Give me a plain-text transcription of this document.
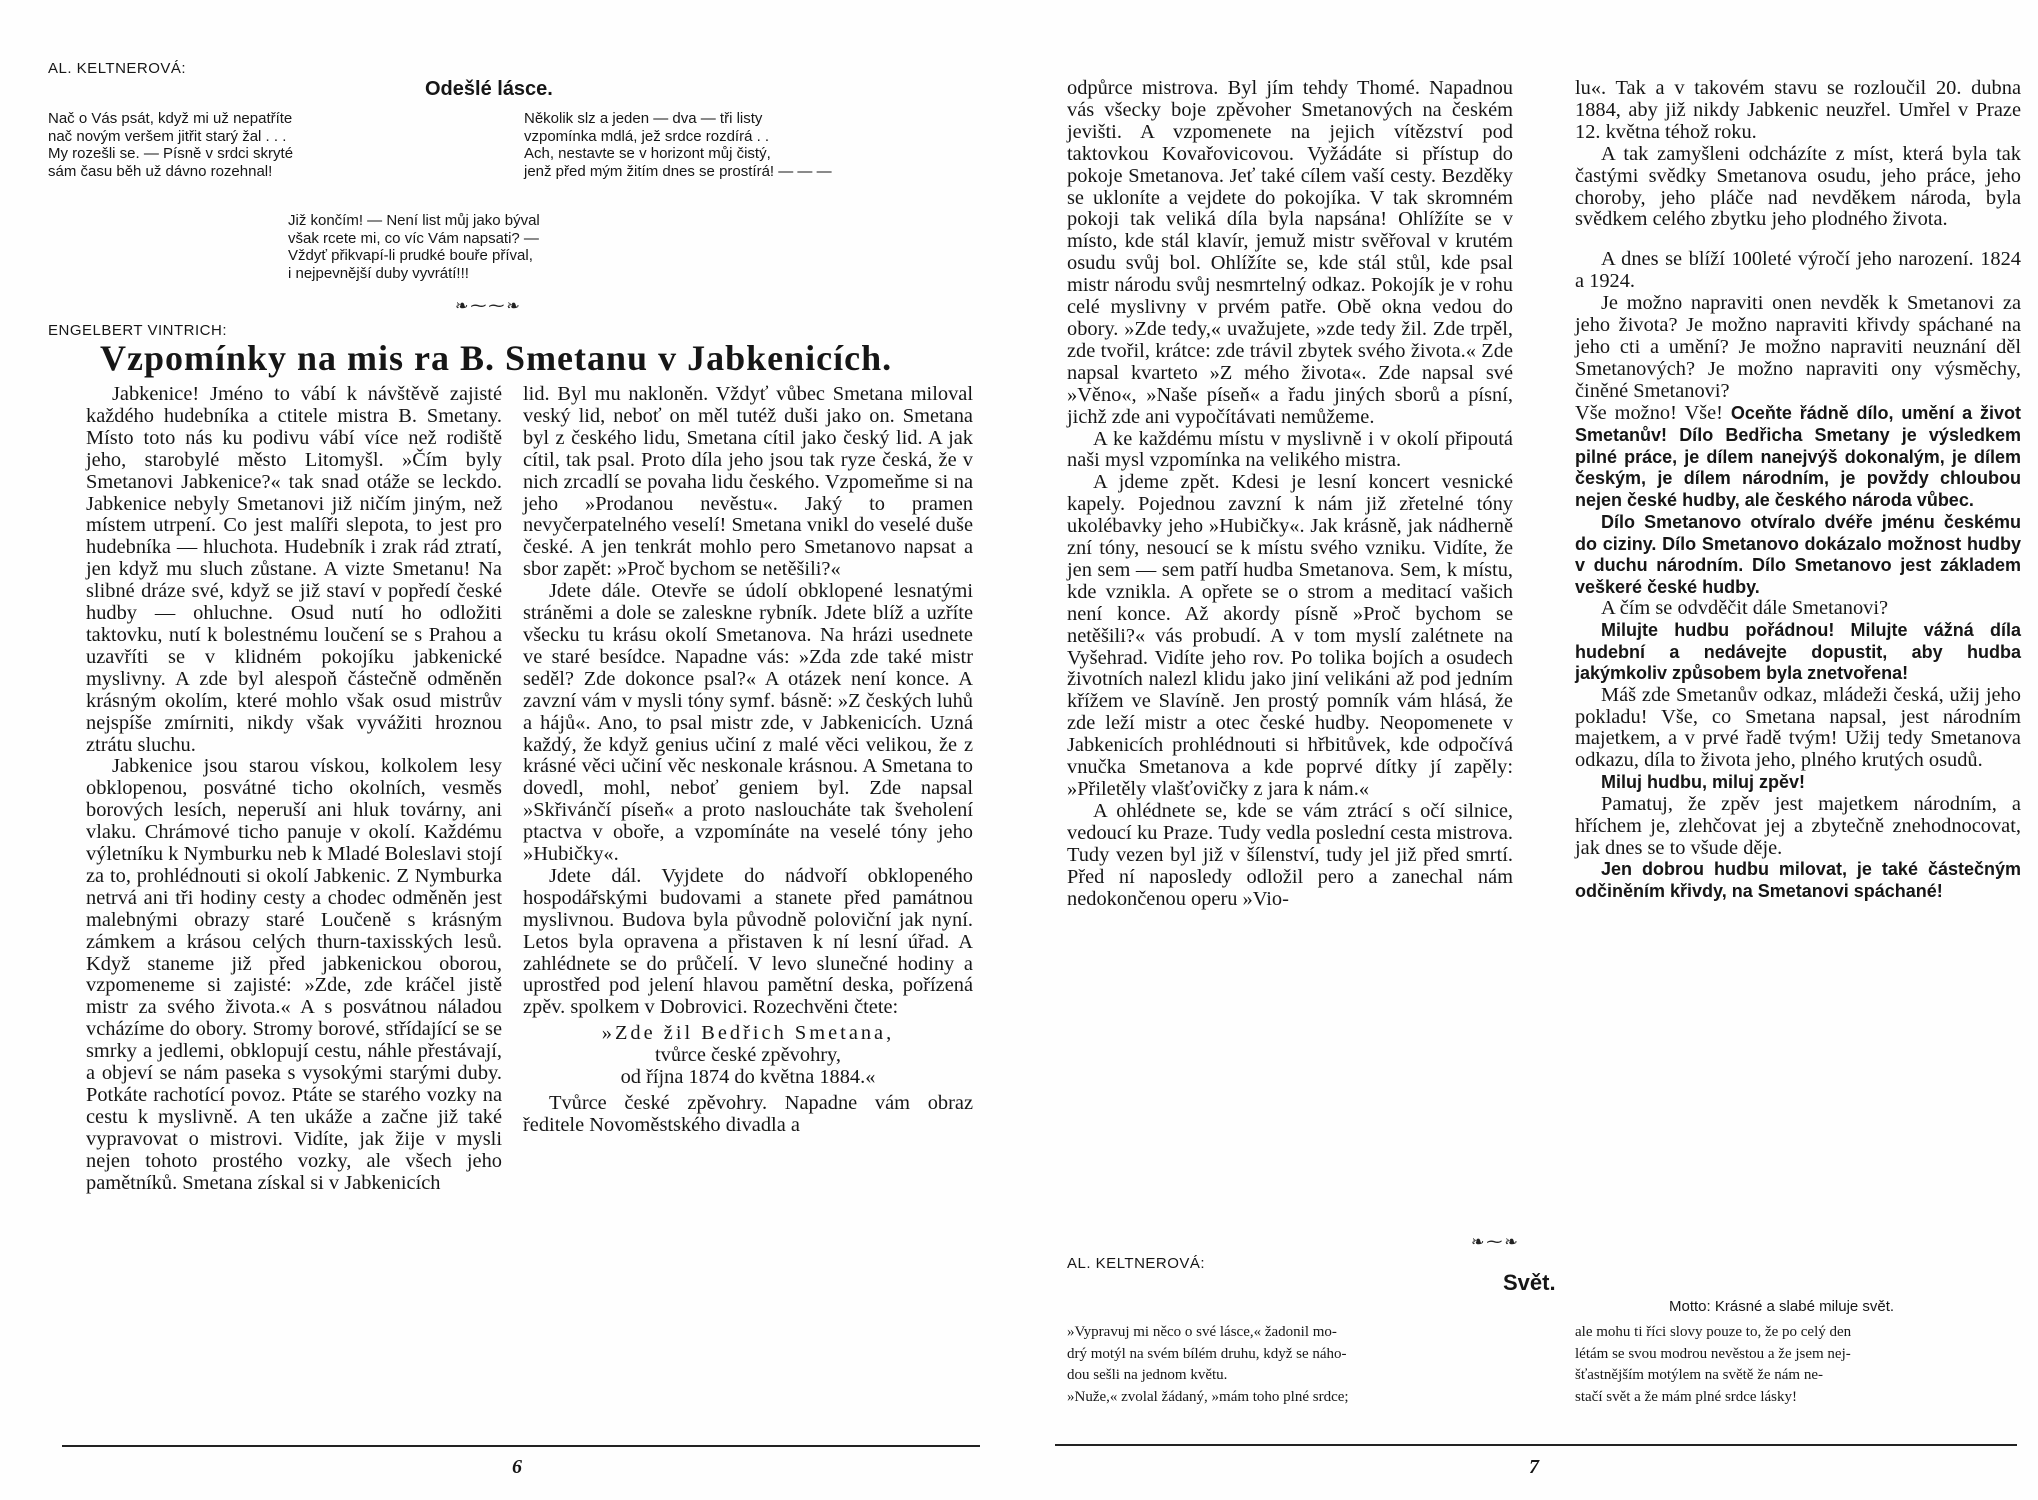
AL. KELTNEROVÁ:
Odešlé lásce.
Nač o Vás psát, když mi už nepatříte
nač novým veršem jitřit starý žal . . .
My rozešli se. — Písně v srdci skryté
sám času běh už dávno rozehnal!
Několik slz a jeden — dva — tři listy
vzpomínka mdlá, jež srdce rozdírá . .
Ach, nestavte se v horizont můj čistý,
jenž před mým žitím dnes se prostírá! — — —
Již končím! — Není list můj jako býval
však rcete mi, co víc Vám napsati? —
Vždyť přikvapí-li prudké bouře příval,
i nejpevnější duby vyvrátí!!!
❧⁓⁓❧
ENGELBERT VINTRICH:
Vzpomínky na mis ra B. Smetanu v Jabkenicích.

Jabkenice! Jméno to vábí k návštěvě zajisté každého hudebníka a ctitele mistra B. Smetany. Místo toto nás ku podivu vábí více než rodiště jeho, starobylé město Litomyšl. »Čím byly Smetanovi Jabkenice?« tak snad otáže se leckdo. Jabkenice nebyly Smetanovi již ničím jiným, než místem utrpení. Co jest malíři slepota, to jest pro hudebníka — hluchota. Hudebník i zrak rád ztratí, jen když mu sluch zůstane. A vizte Smetanu! Na slibné dráze své, když se již staví v popředí české hudby — ohluchne. Osud nutí ho odložiti taktovku, nutí k bolestnému loučení se s Prahou a uzavříti se v klidném pokojíku jabkenické myslivny. A zde byl alespoň částečně odměněn krásným okolím, které mohlo však osud mistrův nejspíše zmírniti, nikdy však vyvážiti hroznou ztrátu sluchu.

Jabkenice jsou starou vískou, kolkolem lesy obklopenou, posvátné ticho okolních, vesměs borových lesích, neperuší ani hluk továrny, ani vlaku. Chrámové ticho panuje v okolí. Každému výletníku k Nymburku neb k Mladé Boleslavi stojí za to, prohlédnouti si okolí Jabkenic. Z Nymburka netrvá ani tři hodiny cesty a chodec odměněn jest malebnými obrazy staré Loučeně s krásným zámkem a krásou celých thurn-taxisských lesů. Když staneme již před jabkenickou oborou, vzpomeneme si zajisté: »Zde, zde kráčel jistě mistr za svého života.« A s posvátnou náladou vcházíme do obory. Stromy borové, střídající se se smrky a jedlemi, obklopují cestu, náhle přestávají, a objeví se nám paseka s vysokými starými duby. Potkáte rachotící povoz. Ptáte se starého vozky na cestu k myslivně. A ten ukáže a začne již také vypravovat o mistrovi. Vidíte, jak žije v mysli nejen tohoto prostého vozky, ale všech jeho pamětníků. Smetana získal si v Jabkenicích

lid. Byl mu nakloněn. Vždyť vůbec Smetana miloval veský lid, neboť on měl tutéž duši jako on. Smetana byl z českého lidu, Smetana cítil jako český lid. A jak cítil, tak psal. Proto díla jeho jsou tak ryze česká, že v nich zrcadlí se povaha lidu českého. Vzpomeňme si na jeho »Prodanou nevěstu«. Jaký to pramen nevyčerpatelného veselí! Smetana vnikl do veselé duše české. A jen tenkrát mohlo pero Smetanovo napsat a sbor zapět: »Proč bychom se netěšili?«

Jdete dále. Otevře se údolí obklopené lesnatými stráněmi a dole se zaleskne rybník. Jdete blíž a uzříte všecku tu krásu okolí Smetanova. Na hrázi usednete ve staré besídce. Napadne vás: »Zda zde také mistr seděl? Zde dokonce psal?« A otázek není konce. A zavzní vám v mysli tóny symf. básně: »Z českých luhů a hájů«. Ano, to psal mistr zde, v Jabkenicích. Uzná každý, že když genius učiní z malé věci velikou, že z krásné věci učiní věc neskonale krásnou. A Smetana to dovedl, mohl, neboť geniem byl. Zde napsal »Skřivánčí píseň« a proto nasloucháte tak šveholení ptactva v oboře, a vzpomínáte na veselé tóny jeho »Hubičky«.

Jdete dál. Vyjdete do nádvoří obklopeného hospodářskými budovami a stanete před památnou myslivnou. Budova byla původně poloviční jak nyní. Letos byla opravena a přistaven k ní lesní úřad. A zahlédnete se do průčelí. V levo slunečné hodiny a uprostřed pod jelení hlavou pamětní deska, pořízená zpěv. spolkem v Dobrovici. Rozechvěni čtete:

»Zde žil Bedřich Smetana,
tvůrce české zpěvohry,
od října 1874 do května 1884.«

Tvůrce české zpěvohry. Napadne vám obraz ředitele Novoměstského divadla a

6

odpůrce mistrova. Byl jím tehdy Thomé. Napadnou vás všecky boje zpěvoher Smetanových na českém jevišti. A vzpomenete na jejich vítězství pod taktovkou Kovařovicovou. Vyžádáte si přístup do pokoje Smetanova. Jeť také cílem vaší cesty. Bezděky se ukloníte a vejdete do pokojíka. V tak skromném pokoji tak veliká díla byla napsána! Ohlížíte se v místo, kde stál klavír, jemuž mistr svěřoval v krutém osudu svůj bol. Ohlížíte se, kde stál stůl, kde psal mistr národu svůj nesmrtelný odkaz. Pokojík je v rohu celé myslivny v prvém patře. Obě okna vedou do obory. »Zde tedy,« uvažujete, »zde tedy žil. Zde trpěl, zde tvořil, krátce: zde trávil zbytek svého života.« Zde napsal kvarteto »Z mého života«. Zde napsal své »Věno«, »Naše píseň« a řadu jiných sborů a písní, jichž zde ani vypočítávati nemůžeme.

A ke každému místu v myslivně i v okolí připoutá naši mysl vzpomínka na velikého mistra.

A jdeme zpět. Kdesi je lesní koncert vesnické kapely. Pojednou zavzní k nám již zřetelné tóny ukolébavky jeho »Hubičky«. Jak krásně, jak nádherně zní tóny, nesoucí se k místu svého vzniku. Vidíte, že jen sem — sem patří hudba Smetanova. Sem, k místu, kde vznikla. A opřete se o strom a meditací vašich není konce. Až akordy písně »Proč bychom se netěšili?« vás probudí. A v tom myslí zalétnete na Vyšehrad. Vidíte jeho rov. Po tolika bojích a osudech životních nalezl klidu jako jiní velikáni až pod jedním křížem ve Slavíně. Jen prostý pomník vám hlásá, že zde leží mistr a otec české hudby. Neopomenete v Jabkenicích prohlédnouti si hřbitůvek, kde odpočívá vnučka Smetanova a kde poprvé dítky jí zapěly: »Přiletěly vlašťovičky z jara k nám.«

A ohlédnete se, kde se vám ztrácí s očí silnice, vedoucí ku Praze. Tudy vedla poslední cesta mistrova. Tudy vezen byl již v šílenství, tudy jel již před smrtí. Před ní naposledy odložil pero a zanechal nám nedokončenou operu »Vio-

lu«. Tak a v takovém stavu se rozloučil 20. dubna 1884, aby již nikdy Jabkenic neuzřel. Umřel v Praze 12. května téhož roku.

A tak zamyšleni odcházíte z míst, která byla tak častými svědky Smetanova osudu, jeho práce, jeho choroby, jeho pláče nad nevděkem národa, byla svědkem celého zbytku jeho plodného života.

A dnes se blíží 100leté výročí jeho narození. 1824 a 1924.

Je možno napraviti onen nevděk k Smetanovi za jeho života? Je možno napraviti křivdy spáchané na jeho cti a umění? Je možno napraviti neuznání děl Smetanových? Je možno napraviti ony výsměchy, činěné Smetanovi?

Vše možno! Vše! Oceňte řádně dílo, umění a život Smetanův! Dílo Bedřicha Smetany je výsledkem pilné práce, je dílem nanejvýš dokonalým, je dílem českým, je dílem národním, je povždy chloubou nejen české hudby, ale českého národa vůbec.

Dílo Smetanovo otvíralo dvéře jménu českému do ciziny. Dílo Smetanovo dokázalo možnost hudby v duchu národním. Dílo Smetanovo jest základem veškeré české hudby.

A čím se odvděčit dále Smetanovi?

Milujte hudbu pořádnou! Milujte vážná díla hudební a nedávejte dopustit, aby hudba jakýmkoliv způsobem byla znetvořena!

Máš zde Smetanův odkaz, mládeži česká, užij jeho pokladu! Vše, co Smetana napsal, jest národním majetkem, a v prvé řadě tvým! Užij tedy Smetanova odkazu, díla to života jeho, plného krutých osudů.

Miluj hudbu, miluj zpěv!

Pamatuj, že zpěv jest majetkem národním, a hříchem je, zlehčovat jej a zbytečně znehodnocovat, jak dnes se to všude děje.

Jen dobrou hudbu milovat, je také částečným odčiněním křivdy, na Smetanovi spáchané!

❧⁓❧
AL. KELTNEROVÁ:
Svět.
Motto: Krásné a slabé miluje svět.
»Vypravuj mi něco o své lásce,« žadonil mo-
drý motýl na svém bílém druhu, když se náho-
dou sešli na jednom květu.
»Nuže,« zvolal žádaný, »mám toho plné srdce;
ale mohu ti říci slovy pouze to, že po celý den
létám se svou modrou nevěstou a že jsem nej-
šťastnějším motýlem na světě že nám ne-
stačí svět a že mám plné srdce lásky!
7
